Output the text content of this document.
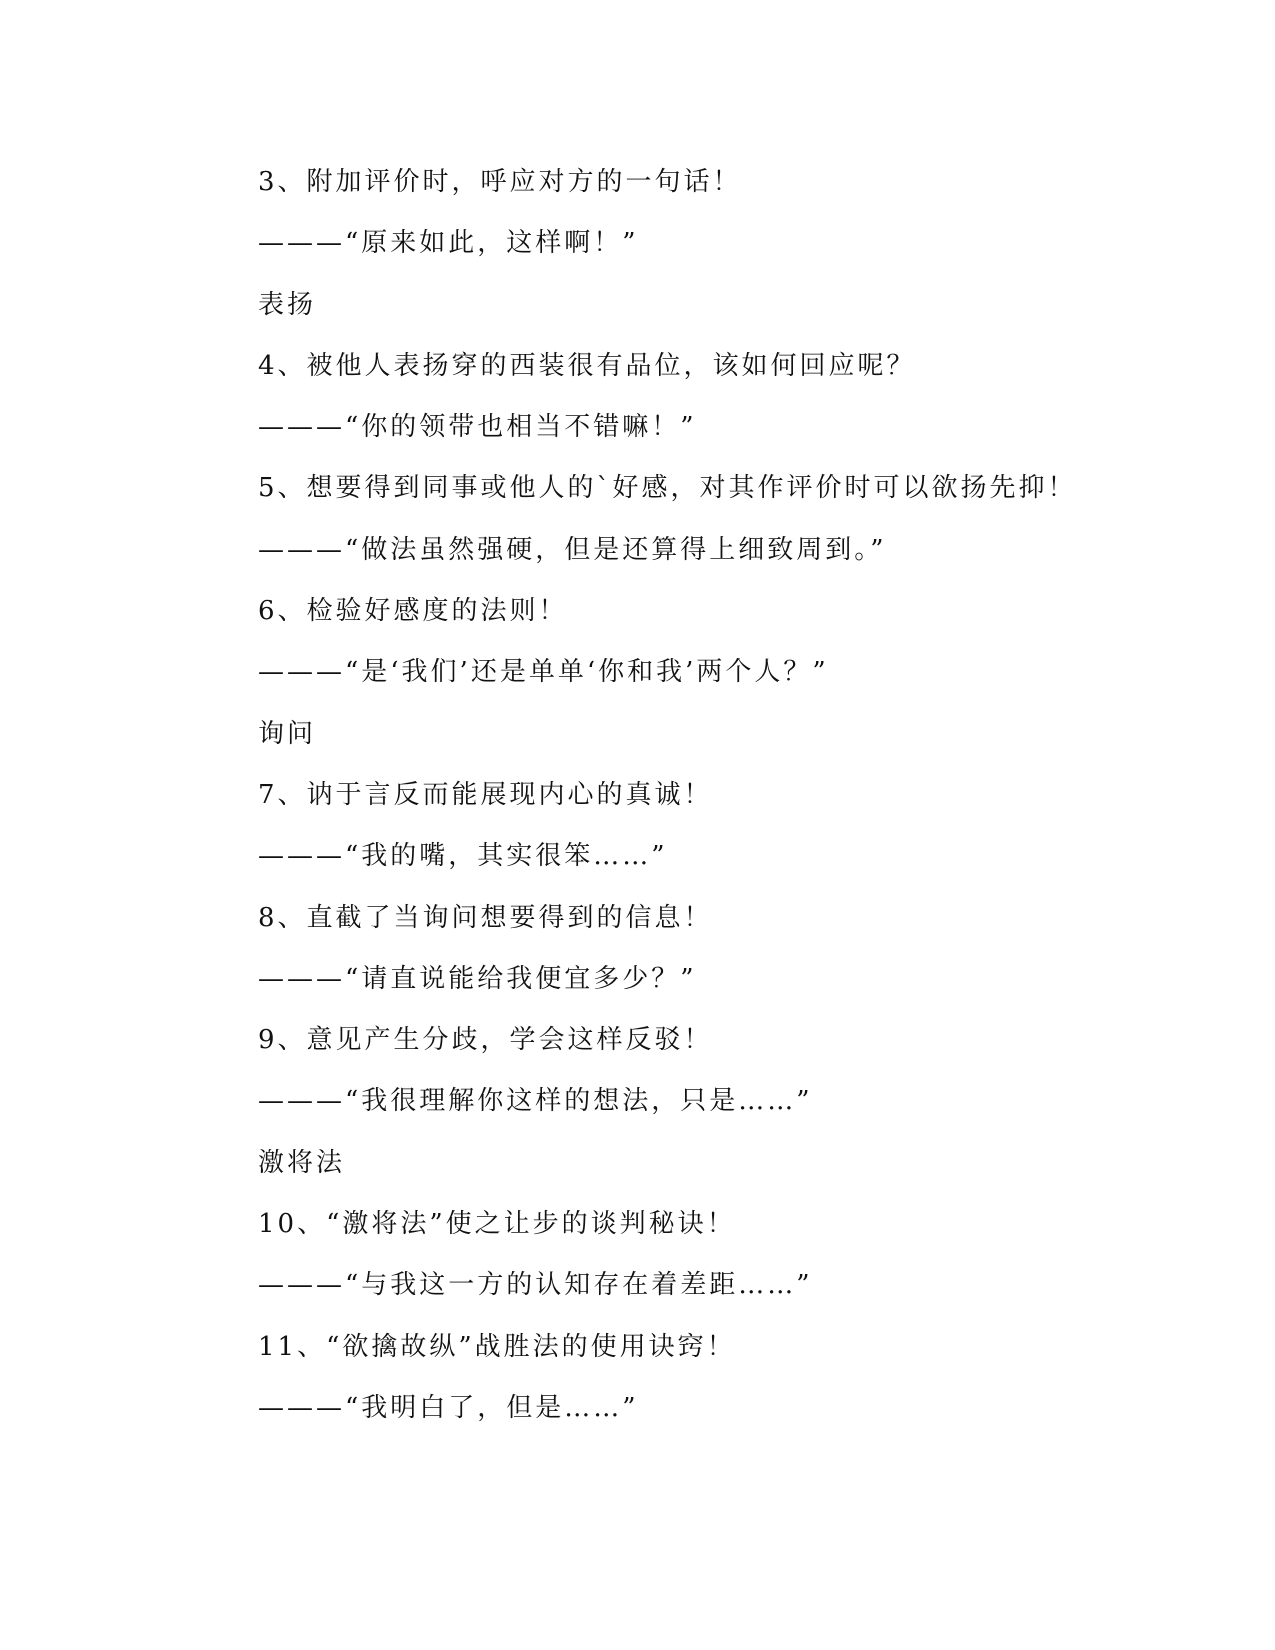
3、附加评价时，呼应对方的一句话！
———“原来如此，这样啊！”
表扬
4、被他人表扬穿的西装很有品位，该如何回应呢？
———“你的领带也相当不错嘛！”
5、想要得到同事或他人的`好感，对其作评价时可以欲扬先抑！
———“做法虽然强硬，但是还算得上细致周到。”
6、检验好感度的法则！
———“是‘我们’还是单单‘你和我’两个人？”
询问
7、讷于言反而能展现内心的真诚！
———“我的嘴，其实很笨……”
8、直截了当询问想要得到的信息！
———“请直说能给我便宜多少？”
9、意见产生分歧，学会这样反驳！
———“我很理解你这样的想法，只是……”
激将法
10、“激将法”使之让步的谈判秘诀！
———“与我这一方的认知存在着差距……”
11、“欲擒故纵”战胜法的使用诀窍！
———“我明白了，但是……”
